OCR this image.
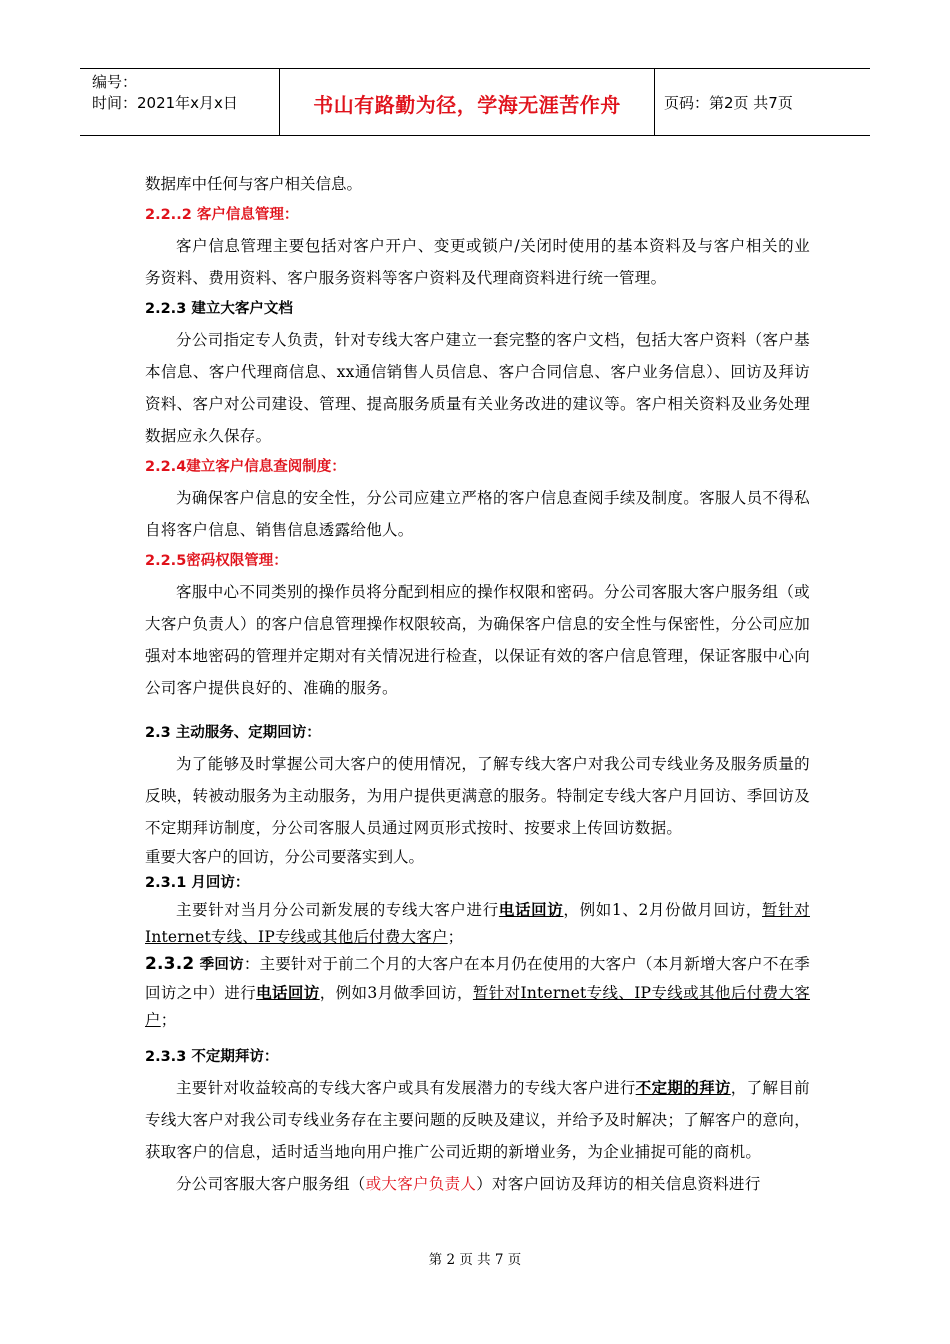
编号：
时间：2021年x月x日	书山有路勤为径，学海无涯苦作舟	页码：第2页 共7页

数据库中任何与客户相关信息。

2.2..2 客户信息管理：

客户信息管理主要包括对客户开户、变更或锁户/关闭时使用的基本资料及与客户相关的业务资料、费用资料、客户服务资料等客户资料及代理商资料进行统一管理。

2.2.3 建立大客户文档

分公司指定专人负责，针对专线大客户建立一套完整的客户文档，包括大客户资料（客户基本信息、客户代理商信息、xx通信销售人员信息、客户合同信息、客户业务信息）、回访及拜访资料、客户对公司建设、管理、提高服务质量有关业务改进的建议等。客户相关资料及业务处理数据应永久保存。

2.2.4建立客户信息查阅制度：

为确保客户信息的安全性，分公司应建立严格的客户信息查阅手续及制度。客服人员不得私自将客户信息、销售信息透露给他人。

2.2.5密码权限管理：

客服中心不同类别的操作员将分配到相应的操作权限和密码。分公司客服大客户服务组（或大客户负责人）的客户信息管理操作权限较高，为确保客户信息的安全性与保密性，分公司应加强对本地密码的管理并定期对有关情况进行检查，以保证有效的客户信息管理，保证客服中心向公司客户提供良好的、准确的服务。

2.3 主动服务、定期回访：

为了能够及时掌握公司大客户的使用情况，了解专线大客户对我公司专线业务及服务质量的反映，转被动服务为主动服务，为用户提供更满意的服务。特制定专线大客户月回访、季回访及不定期拜访制度，分公司客服人员通过网页形式按时、按要求上传回访数据。

重要大客户的回访，分公司要落实到人。

2.3.1 月回访：

主要针对当月分公司新发展的专线大客户进行电话回访，例如1、2月份做月回访，暂针对Internet专线、IP专线或其他后付费大客户；

2.3.2 季回访：主要针对于前二个月的大客户在本月仍在使用的大客户（本月新增大客户不在季回访之中）进行电话回访，例如3月做季回访，暂针对Internet专线、IP专线或其他后付费大客户；

2.3.3 不定期拜访：

主要针对收益较高的专线大客户或具有发展潜力的专线大客户进行不定期的拜访，了解目前专线大客户对我公司专线业务存在主要问题的反映及建议，并给予及时解决；了解客户的意向，获取客户的信息，适时适当地向用户推广公司近期的新增业务，为企业捕捉可能的商机。

分公司客服大客户服务组（或大客户负责人）对客户回访及拜访的相关信息资料进行

第 2 页 共 7 页
